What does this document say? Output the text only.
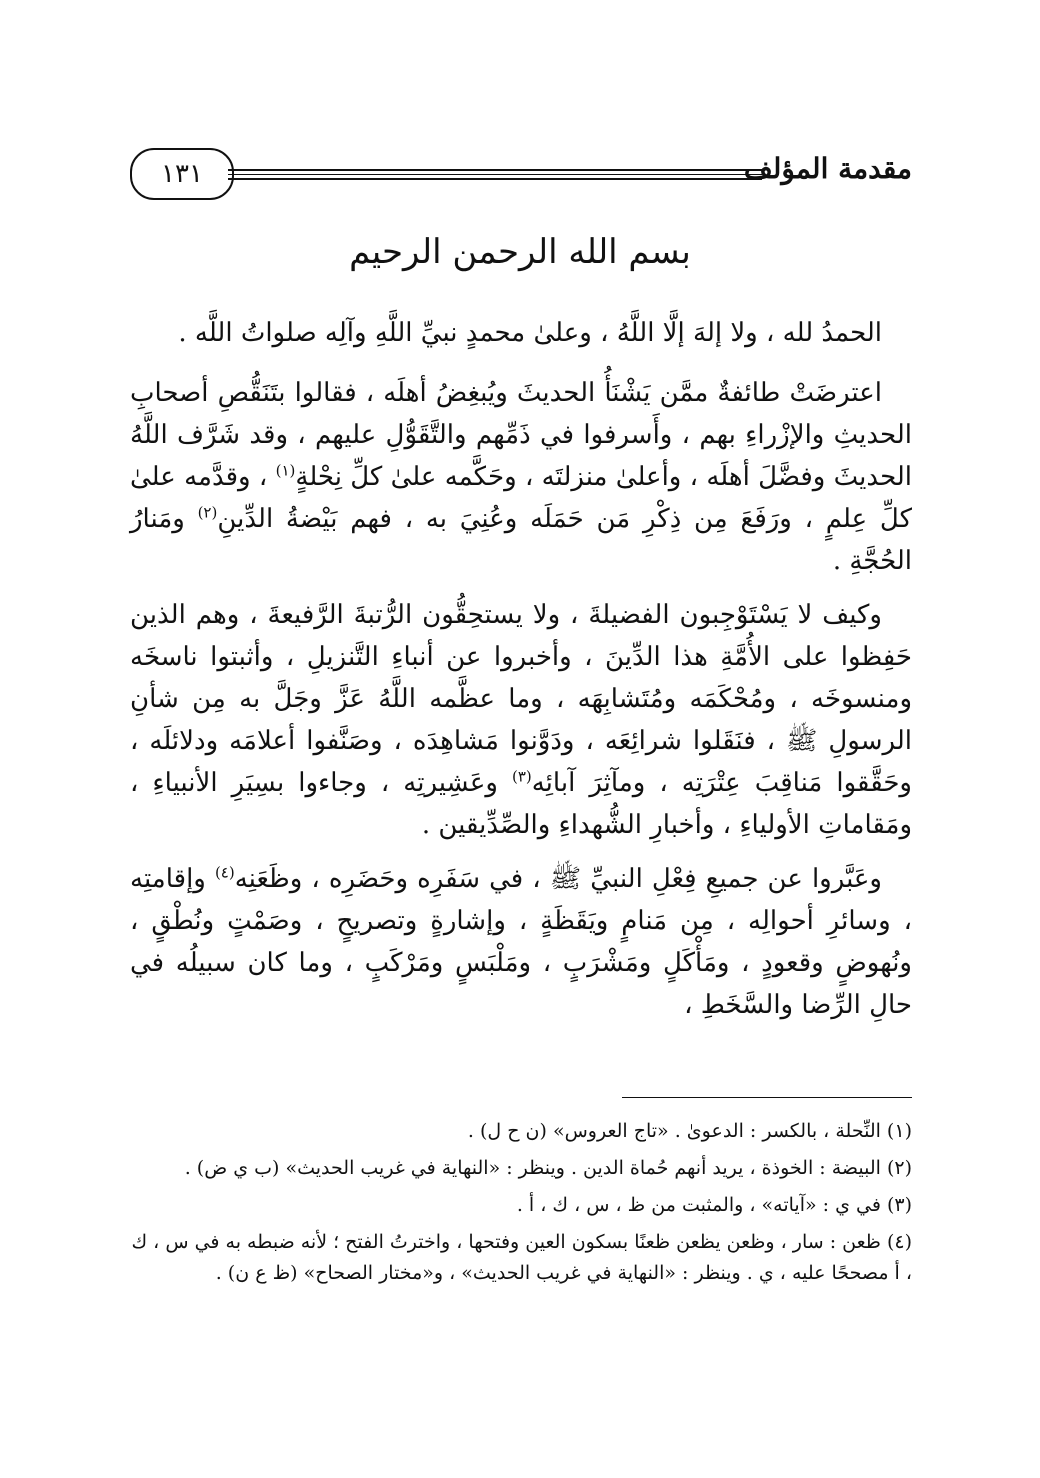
١٣١	مقدمة المؤلف
بسم الله الرحمن الرحيم

الحمدُ لله ، ولا إلهَ إلَّا اللَّهُ ، وعلىٰ محمدٍ نبيِّ اللَّهِ وآلِه صلواتُ اللَّه .

اعترضَتْ طائفةٌ ممَّن يَشْنَأُ الحديثَ ويُبغِضُ أهلَه ، فقالوا بتَنَقُّصِ أصحابِ الحديثِ والإزْراءِ بهم ، وأَسرفوا في ذَمِّهم والتَّقَوُّلِ عليهم ، وقد شَرَّف اللَّهُ الحديثَ وفضَّلَ أهلَه ، وأعلىٰ منزلتَه ، وحَكَّمه علىٰ كلِّ نِحْلةٍ$^{(١)}$ ، وقدَّمه علىٰ كلِّ عِلمٍ ، ورَفَعَ مِن ذِكْرِ مَن حَمَلَه وعُنِيَ به ، فهم بَيْضةُ الدِّينِ$^{(٢)}$ ومَنارُ الحُجَّةِ .

وكيف لا يَسْتَوْجِبون الفضيلةَ ، ولا يستحِقُّون الرُّتبةَ الرَّفيعةَ ، وهم الذين حَفِظوا على الأُمَّةِ هذا الدِّينَ ، وأخبروا عن أنباءِ التَّنزيلِ ، وأثبتوا ناسخَه ومنسوخَه ، ومُحْكَمَه ومُتَشابِهَه ، وما عظَّمه اللَّهُ عَزَّ وجَلَّ به مِن شأنِ الرسولِ ﷺ ، فنَقَلوا شرائِعَه ، ودَوَّنوا مَشاهِدَه ، وصَنَّفوا أعلامَه ودلائلَه ، وحَقَّقوا مَناقِبَ عِتْرَتِه ، ومآثِرَ آبائِه$^{(٣)}$ وعَشِيرتِه ، وجاءوا بسِيَرِ الأنبياءِ ، ومَقاماتِ الأولياءِ ، وأخبارِ الشُّهداءِ والصِّدِّيقين .

وعَبَّروا عن جميعِ فِعْلِ النبيِّ ﷺ ، في سَفَرِه وحَضَرِه ، وظَعَنِه$^{(٤)}$ وإقامتِه ، وسائرِ أحوالِه ، مِن مَنامٍ ويَقَظَةٍ ، وإشارةٍ وتصريحٍ ، وصَمْتٍ ونُطْقٍ ، ونُهوضٍ وقعودٍ ، ومَأْكَلٍ ومَشْرَبٍ ، ومَلْبَسٍ ومَرْكَبٍ ، وما كان سبيلُه في حالِ الرِّضا والسَّخَطِ ،

(١) النِّحلة ، بالكسر : الدعوىٰ . «تاج العروس» (ن ح ل) .
(٢) البيضة : الخوذة ، يريد أنهم حُماة الدين . وينظر : «النهاية في غريب الحديث» (ب ي ض) .
(٣) في ي : «آياته» ، والمثبت من ظ ، س ، ك ، أ .
(٤) ظعن : سار ، وظعن يظعن ظعنًا بسكون العين وفتحها ، واخترتُ الفتح ؛ لأنه ضبطه به في س ، ك ، أ مصححًا عليه ، ي . وينظر : «النهاية في غريب الحديث» ، و«مختار الصحاح» (ظ ع ن) .
